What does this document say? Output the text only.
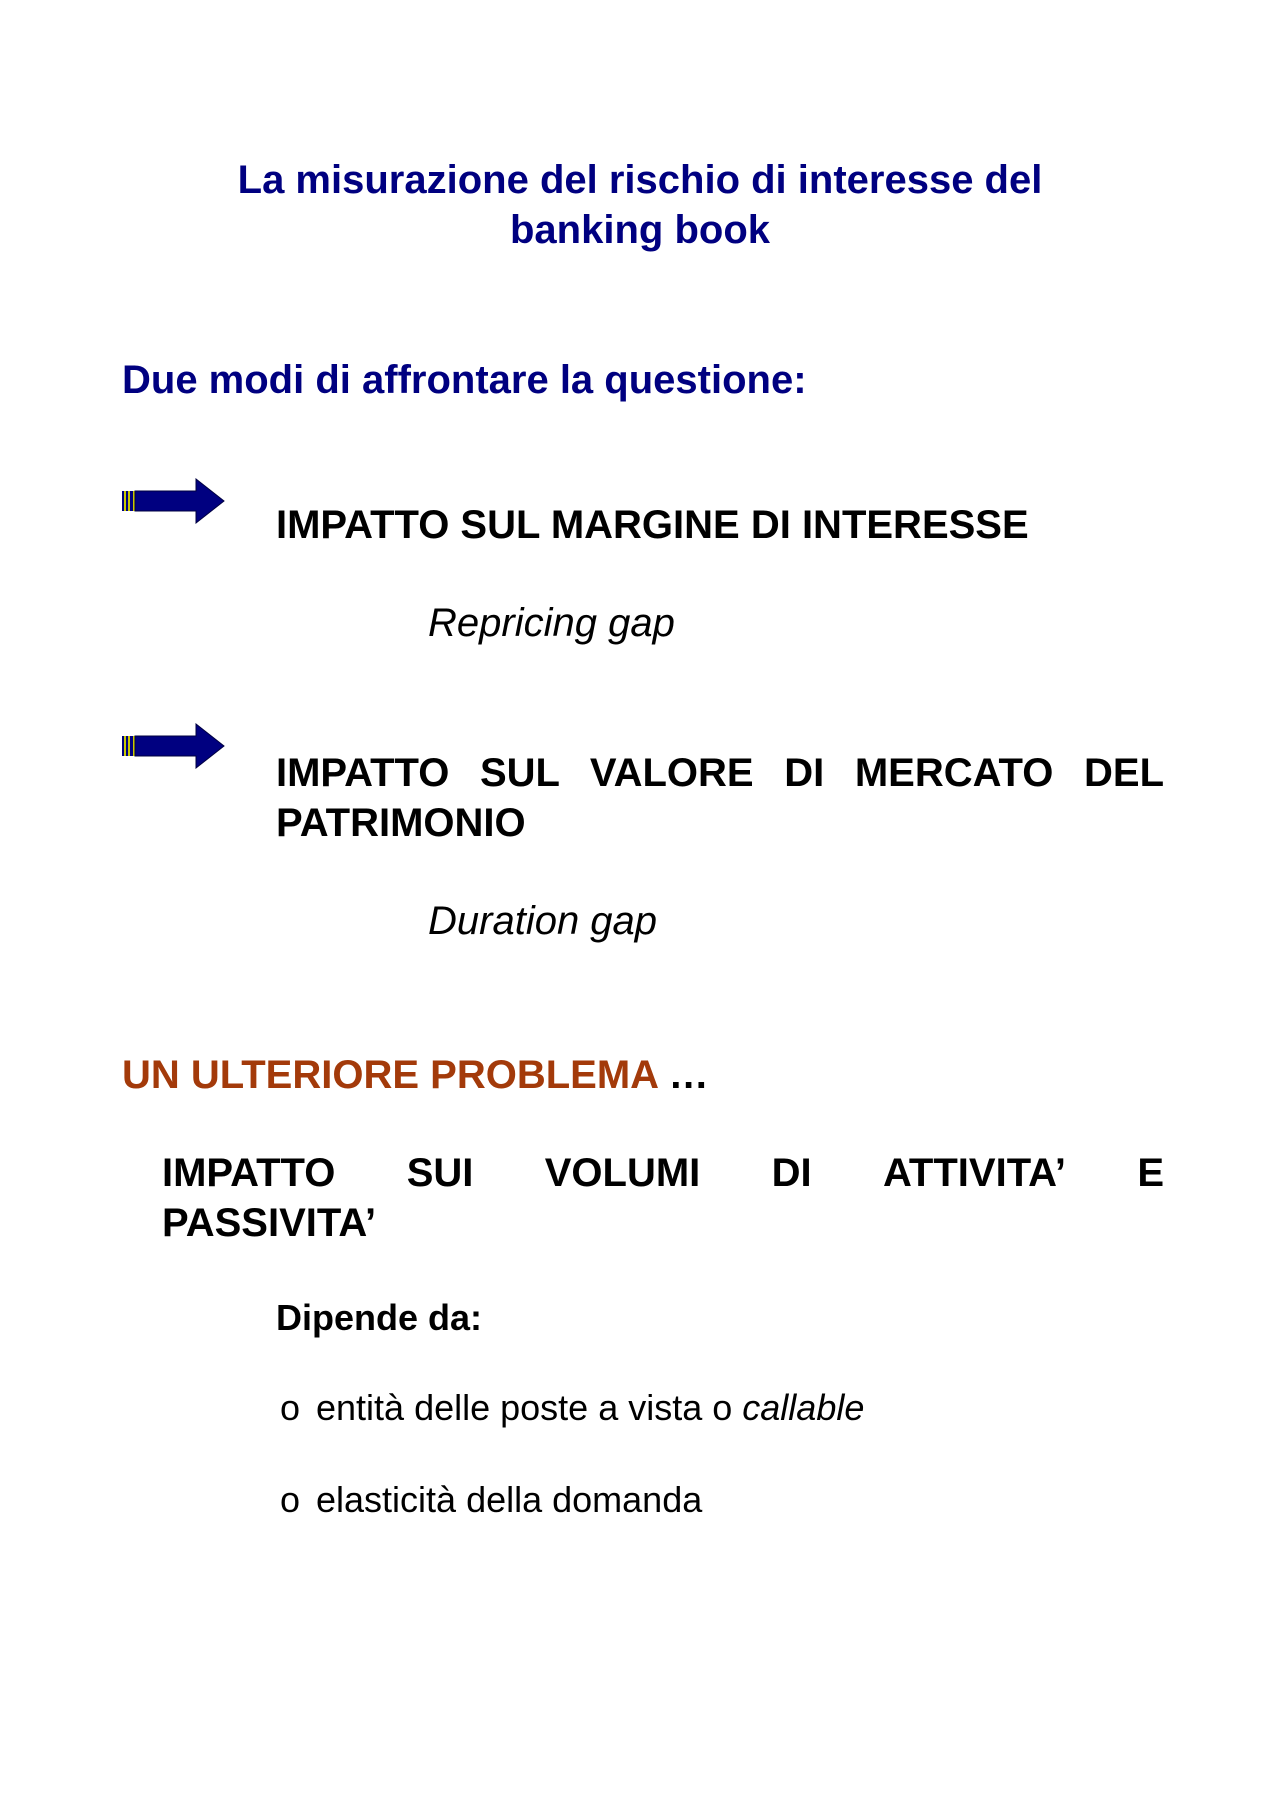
La misurazione del rischio di interesse del
banking book
Due modi di affrontare la questione:

IMPATTO SUL MARGINE DI INTERESSE

Repricing gap

IMPATTO SUL VALORE DI MERCATO DEL PATRIMONIO

Duration gap

UN ULTERIORE PROBLEMA …

IMPATTO SUI VOLUMI DI ATTIVITA’ E
PASSIVITA’

Dipende da:

o entità delle poste a vista o callable

o elasticità della domanda
